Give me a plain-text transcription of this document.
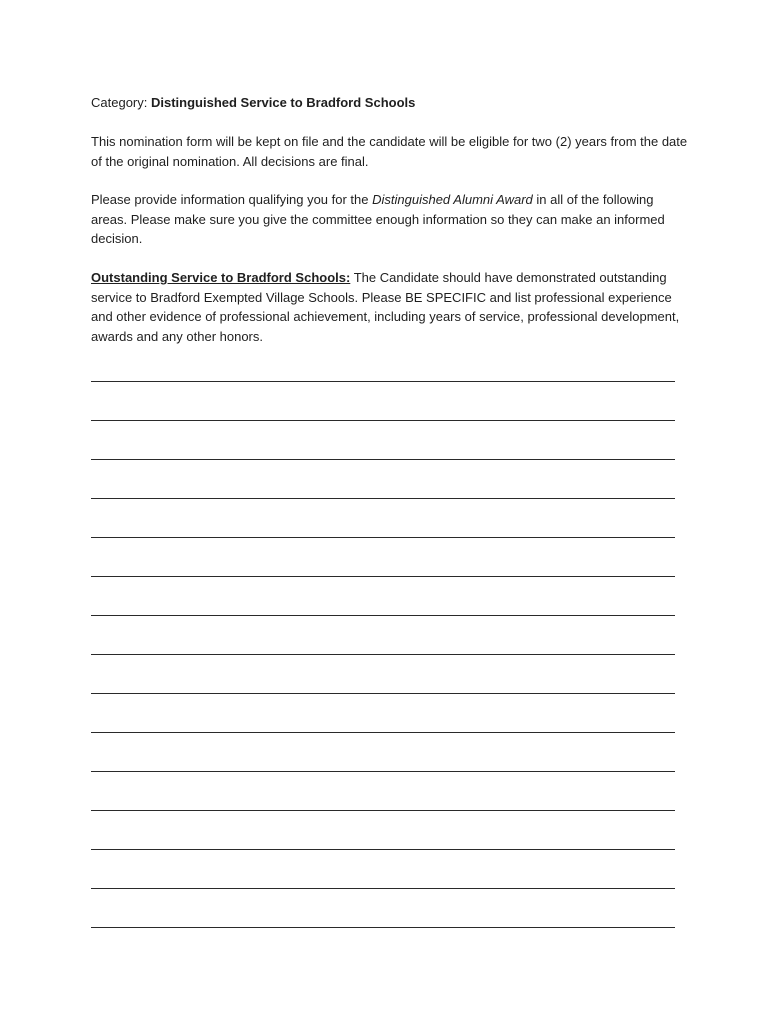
Category: Distinguished Service to Bradford Schools

This nomination form will be kept on file and the candidate will be eligible for two (2) years from the date of the original nomination. All decisions are final.

Please provide information qualifying you for the Distinguished Alumni Award in all of the following areas. Please make sure you give the committee enough information so they can make an informed decision.

Outstanding Service to Bradford Schools: The Candidate should have demonstrated outstanding service to Bradford Exempted Village Schools. Please BE SPECIFIC and list professional experience and other evidence of professional achievement, including years of service, professional development, awards and any other honors.
